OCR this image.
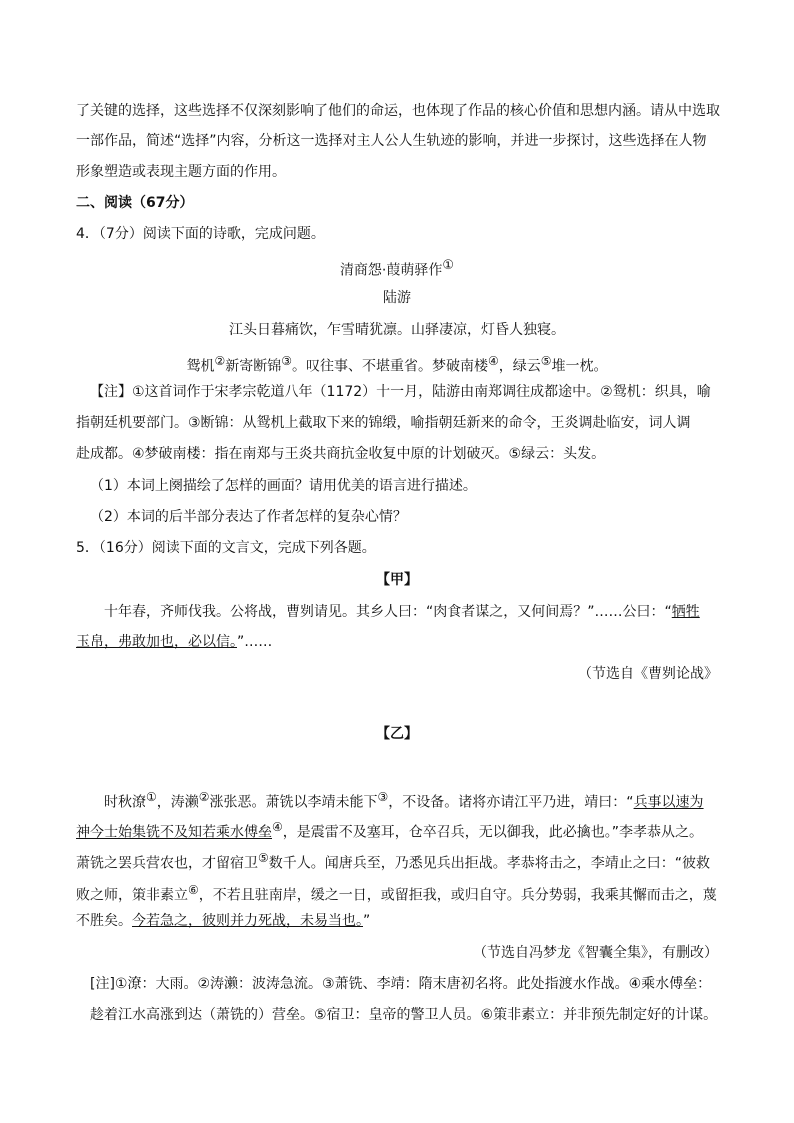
了关键的选择，这些选择不仅深刻影响了他们的命运，也体现了作品的核心价值和思想内涵。请从中选取
一部作品，简述“选择”内容，分析这一选择对主人公人生轨迹的影响，并进一步探讨，这些选择在人物
形象塑造或表现主题方面的作用。
二、阅读（67分）
4．（7分）阅读下面的诗歌，完成问题。
清商怨·葭萌驿作①
陆游
江头日暮痛饮，乍雪晴犹凛。山驿凄凉，灯昏人独寝。
鸳机②新寄断锦③。叹往事、不堪重省。梦破南楼④，绿云⑤堆一枕。
【注】①这首词作于宋孝宗乾道八年（1172）十一月，陆游由南郑调往成都途中。②鸳机：织具，喻
指朝廷机要部门。③断锦：从鸳机上截取下来的锦缎，喻指朝廷新来的命令，王炎调赴临安，词人调
赴成都。④梦破南楼：指在南郑与王炎共商抗金收复中原的计划破灭。⑤绿云：头发。
（1）本词上阕描绘了怎样的画面？请用优美的语言进行描述。
（2）本词的后半部分表达了作者怎样的复杂心情？
5．（16分）阅读下面的文言文，完成下列各题。
【甲】
十年春，齐师伐我。公将战，曹刿请见。其乡人曰：“肉食者谋之，又何间焉？”……公曰：“牺牲
玉帛，弗敢加也，必以信。”……
（节选自《曹刿论战》
【乙】
时秋潦①，涛濑②涨张恶。萧铣以李靖未能下③，不设备。诸将亦请江平乃进，靖曰：“兵事以速为
神今士始集铣不及知若乘水傅垒④，是震雷不及塞耳，仓卒召兵，无以御我，此必擒也。”李孝恭从之。
萧铣之罢兵营农也，才留宿卫⑤数千人。闻唐兵至，乃悉见兵出拒战。孝恭将击之，李靖止之曰：“彼救
败之师，策非素立⑥，不若且驻南岸，缓之一日，或留拒我，或归自守。兵分势弱，我乘其懈而击之，蔑
不胜矣。今若急之，彼则并力死战，未易当也。”
（节选自冯梦龙《智囊全集》，有删改）
[注]①潦：大雨。②涛濑：波涛急流。③萧铣、李靖：隋末唐初名将。此处指渡水作战。④乘水傅垒：
趁着江水高涨到达（萧铣的）营垒。⑤宿卫：皇帝的警卫人员。⑥策非素立：并非预先制定好的计谋。
